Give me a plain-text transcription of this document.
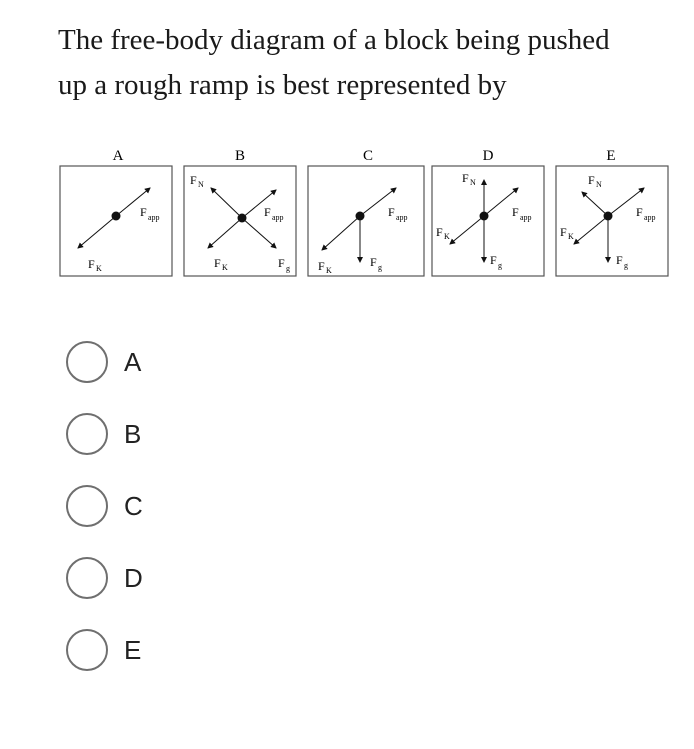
The free-body diagram of a block being pushed
up a rough ramp is best represented by

A
F app
F K
B
F N
F app
F K	F g
C
F app
F K
F g
D
F N
F app
F K
F g
E
F N
F app
F K
F g
A
B
C
D
E
